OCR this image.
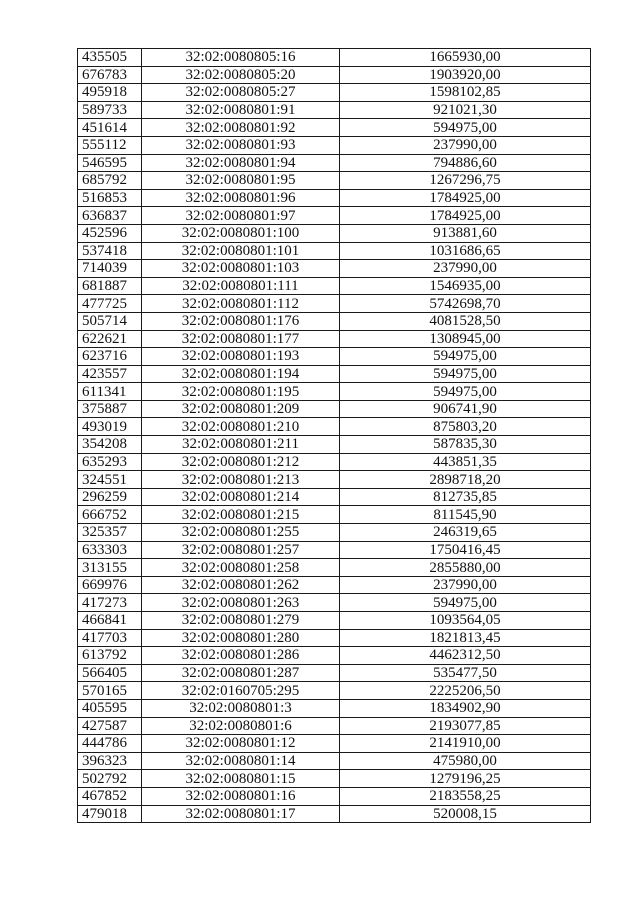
435505	32:02:0080805:16	1665930,00
676783	32:02:0080805:20	1903920,00
495918	32:02:0080805:27	1598102,85
589733	32:02:0080801:91	921021,30
451614	32:02:0080801:92	594975,00
555112	32:02:0080801:93	237990,00
546595	32:02:0080801:94	794886,60
685792	32:02:0080801:95	1267296,75
516853	32:02:0080801:96	1784925,00
636837	32:02:0080801:97	1784925,00
452596	32:02:0080801:100	913881,60
537418	32:02:0080801:101	1031686,65
714039	32:02:0080801:103	237990,00
681887	32:02:0080801:111	1546935,00
477725	32:02:0080801:112	5742698,70
505714	32:02:0080801:176	4081528,50
622621	32:02:0080801:177	1308945,00
623716	32:02:0080801:193	594975,00
423557	32:02:0080801:194	594975,00
611341	32:02:0080801:195	594975,00
375887	32:02:0080801:209	906741,90
493019	32:02:0080801:210	875803,20
354208	32:02:0080801:211	587835,30
635293	32:02:0080801:212	443851,35
324551	32:02:0080801:213	2898718,20
296259	32:02:0080801:214	812735,85
666752	32:02:0080801:215	811545,90
325357	32:02:0080801:255	246319,65
633303	32:02:0080801:257	1750416,45
313155	32:02:0080801:258	2855880,00
669976	32:02:0080801:262	237990,00
417273	32:02:0080801:263	594975,00
466841	32:02:0080801:279	1093564,05
417703	32:02:0080801:280	1821813,45
613792	32:02:0080801:286	4462312,50
566405	32:02:0080801:287	535477,50
570165	32:02:0160705:295	2225206,50
405595	32:02:0080801:3	1834902,90
427587	32:02:0080801:6	2193077,85
444786	32:02:0080801:12	2141910,00
396323	32:02:0080801:14	475980,00
502792	32:02:0080801:15	1279196,25
467852	32:02:0080801:16	2183558,25
479018	32:02:0080801:17	520008,15
